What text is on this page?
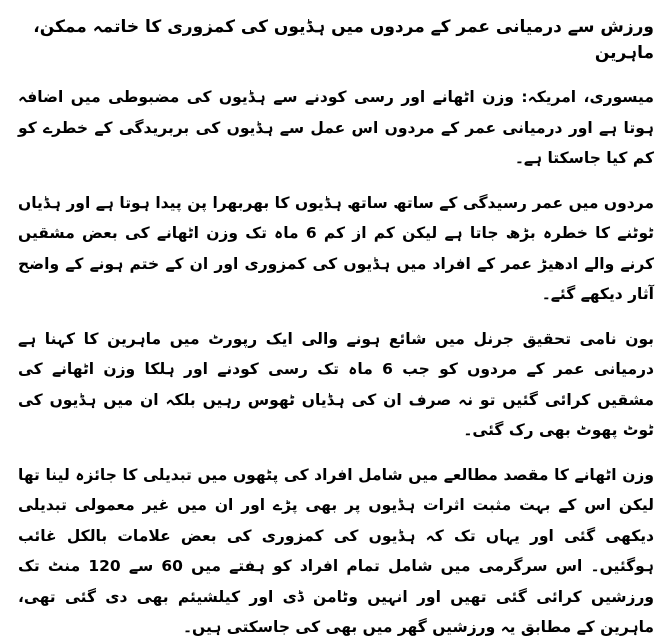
ورزش سے درمیانی عمر کے مردوں میں ہڈیوں کی کمزوری کا خاتمہ ممکن، ماہرین

میسوری، امریکہ: وزن اٹھانے اور رسی کودنے سے ہڈیوں کی مضبوطی میں اضافہ ہوتا ہے اور درمیانی عمر کے مردوں اس عمل سے ہڈیوں کی بربریدگی کے خطرے کو کم کیا جاسکتا ہے۔

مردوں میں عمر رسیدگی کے ساتھ ساتھ ہڈیوں کا بھربھرا پن پیدا ہوتا ہے اور ہڈیاں ٹوٹنے کا خطرہ بڑھ جاتا ہے لیکن کم از کم 6 ماہ تک وزن اٹھانے کی بعض مشقیں کرنے والے ادھیڑ عمر کے افراد میں ہڈیوں کی کمزوری اور ان کے ختم ہونے کے واضح آثار دیکھے گئے۔

بون نامی تحقیق جرنل میں شائع ہونے والی ایک رپورٹ میں ماہرین کا کہنا ہے درمیانی عمر کے مردوں کو جب 6 ماہ تک رسی کودنے اور ہلکا وزن اٹھانے کی مشقیں کرائی گئیں تو نہ صرف ان کی ہڈیاں ٹھوس رہیں بلکہ ان میں ہڈیوں کی ٹوٹ پھوٹ بھی رک گئی۔

وزن اٹھانے کا مقصد مطالعے میں شامل افراد کی پٹھوں میں تبدیلی کا جائزہ لینا تھا لیکن اس کے بہت مثبت اثرات ہڈیوں پر بھی پڑے اور ان میں غیر معمولی تبدیلی دیکھی گئی اور یہاں تک کہ ہڈیوں کی کمزوری کی بعض علامات بالکل غائب ہوگئیں۔ اس سرگرمی میں شامل تمام افراد کو ہفتے میں 60 سے 120 منٹ تک ورزشیں کرائی گئی تھیں اور انہیں وٹامن ڈی اور کیلشیئم بھی دی گئی تھی، ماہرین کے مطابق یہ ورزشیں گھر میں بھی کی جاسکتی ہیں۔
